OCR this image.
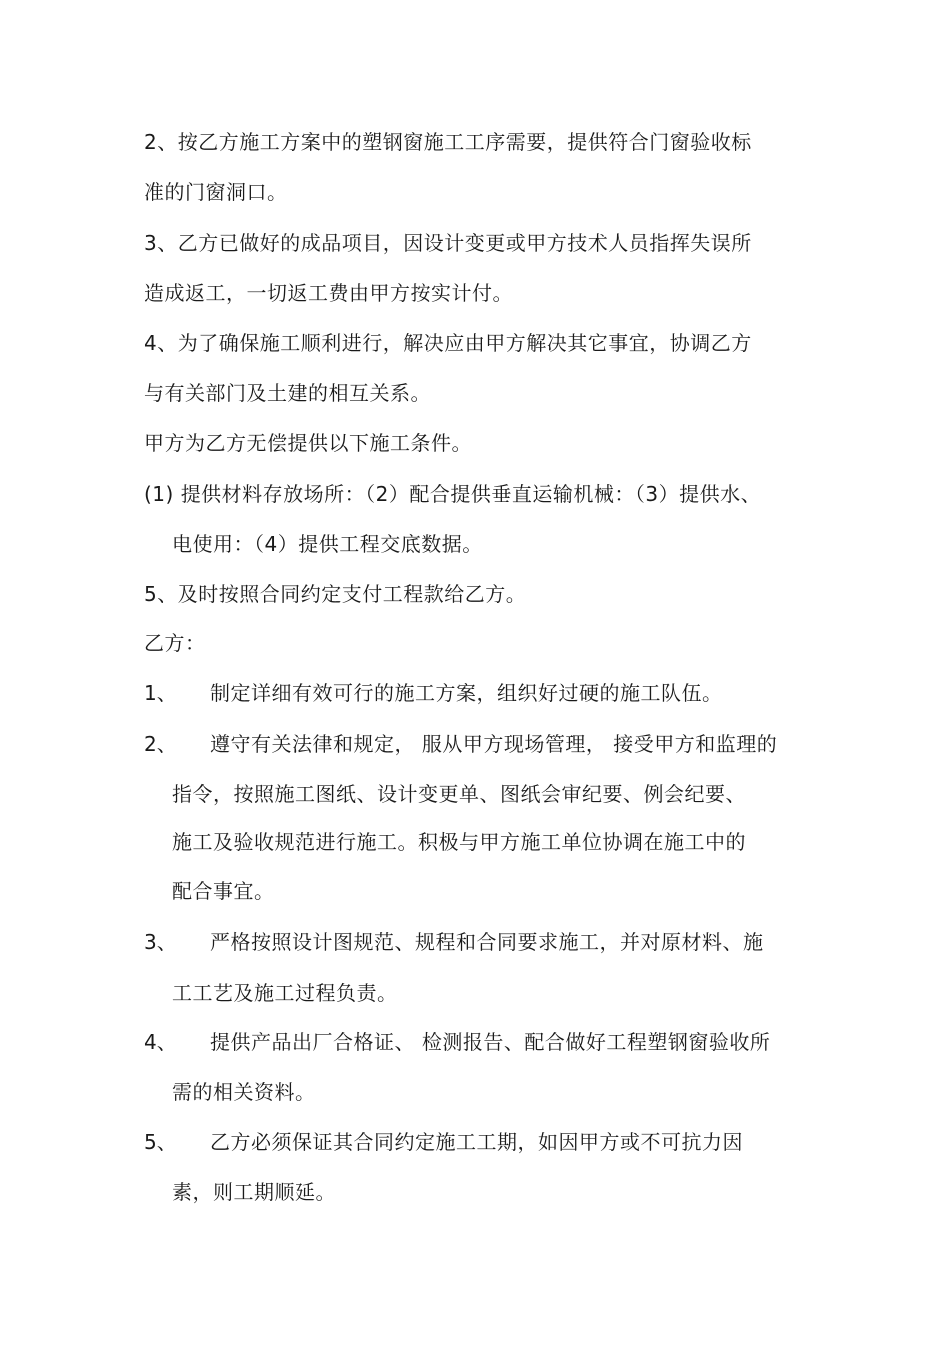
2、按乙方施工方案中的塑钢窗施工工序需要，提供符合门窗验收标
准的门窗洞口。
3、乙方已做好的成品项目，因设计变更或甲方技术人员指挥失误所
造成返工，一切返工费由甲方按实计付。
4、为了确保施工顺利进行，解决应由甲方解决其它事宜，协调乙方
与有关部门及土建的相互关系。
甲方为乙方无偿提供以下施工条件。
(1) 提供材料存放场所：（2）配合提供垂直运输机械：（3）提供水、
电使用：（4）提供工程交底数据。
5、及时按照合同约定支付工程款给乙方。
乙方：
1、 制定详细有效可行的施工方案，组织好过硬的施工队伍。
2、 遵守有关法律和规定， 服从甲方现场管理， 接受甲方和监理的
指令，按照施工图纸、设计变更单、图纸会审纪要、例会纪要、
施工及验收规范进行施工。积极与甲方施工单位协调在施工中的
配合事宜。
3、 严格按照设计图规范、规程和合同要求施工，并对原材料、施
工工艺及施工过程负责。
4、 提供产品出厂合格证、 检测报告、配合做好工程塑钢窗验收所
需的相关资料。
5、 乙方必须保证其合同约定施工工期，如因甲方或不可抗力因
素，则工期顺延。
